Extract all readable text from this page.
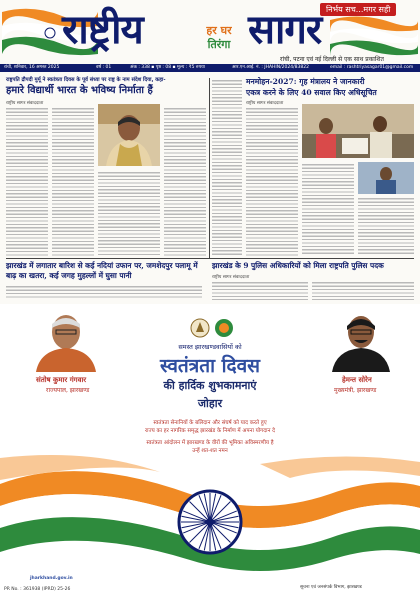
निर्भय सच...मगर सही
राष्ट्रीय	हर घर
तिरंगा सागर
रांची, पटना एवं नई दिल्ली से एक साथ प्रकाशित
रांची, शनिवार, 16 अगस्त 2025	वर्ष : 01	अंक : 338 ▪ पृष्ठ : 08 ▪ मूल्य : ₹5 रुपया	आर.एन.आई. नं. : JHAHIN/2024/83822	email : rashtriyasagar01@gmail.com
राष्ट्रपति द्रौपदी मुर्मू ने स्वतंत्रता दिवस के पूर्व संध्या पर राष्ट्र के नाम संदेश दिया, कहा-
हमारे विद्यार्थी भारत के भविष्य निर्माता हैं
राष्ट्रीय सागर संवाददाता
मनमोहन-2027: गृह मंत्रालय ने जानकारी
एकत्र करने के लिए 40 सवाल किए अधिसूचित
राष्ट्रीय सागर संवाददाता
झारखंड में लगातार बारिश से कई नदियां उफान पर, जमशेदपुर पलामू में बाढ़ का खतरा, कई जगह मुहल्लों में घुसा पानी
झारखंड के 9 पुलिस अधिकारियों को मिला राष्ट्रपति पुलिस पदक
राष्ट्रीय सागर संवाददाता
संतोष कुमार गंगवार
राज्यपाल, झारखण्ड
हेमन्त सोरेन
मुख्यमंत्री, झारखण्ड
समस्त झारखण्डवासियों को
स्वतंत्रता दिवस
की हार्दिक शुभकामनाएं
जोहार
स्वतंत्रता सेनानियों के बलिदान और संघर्ष को याद करते हुए
राज्य का हर नागरिक समृद्ध झारखंड के निर्माण में अपना योगदान दे
स्वतंत्रता आंदोलन में झारखण्ड के वीरों की भूमिका अविस्मरणीय है
उन्हें शत-शत नमन
jharkhand.gov.in
PR No. : 361938 (IPRD) 25-26	सूचना एवं जनसंपर्क विभाग, झारखण्ड
